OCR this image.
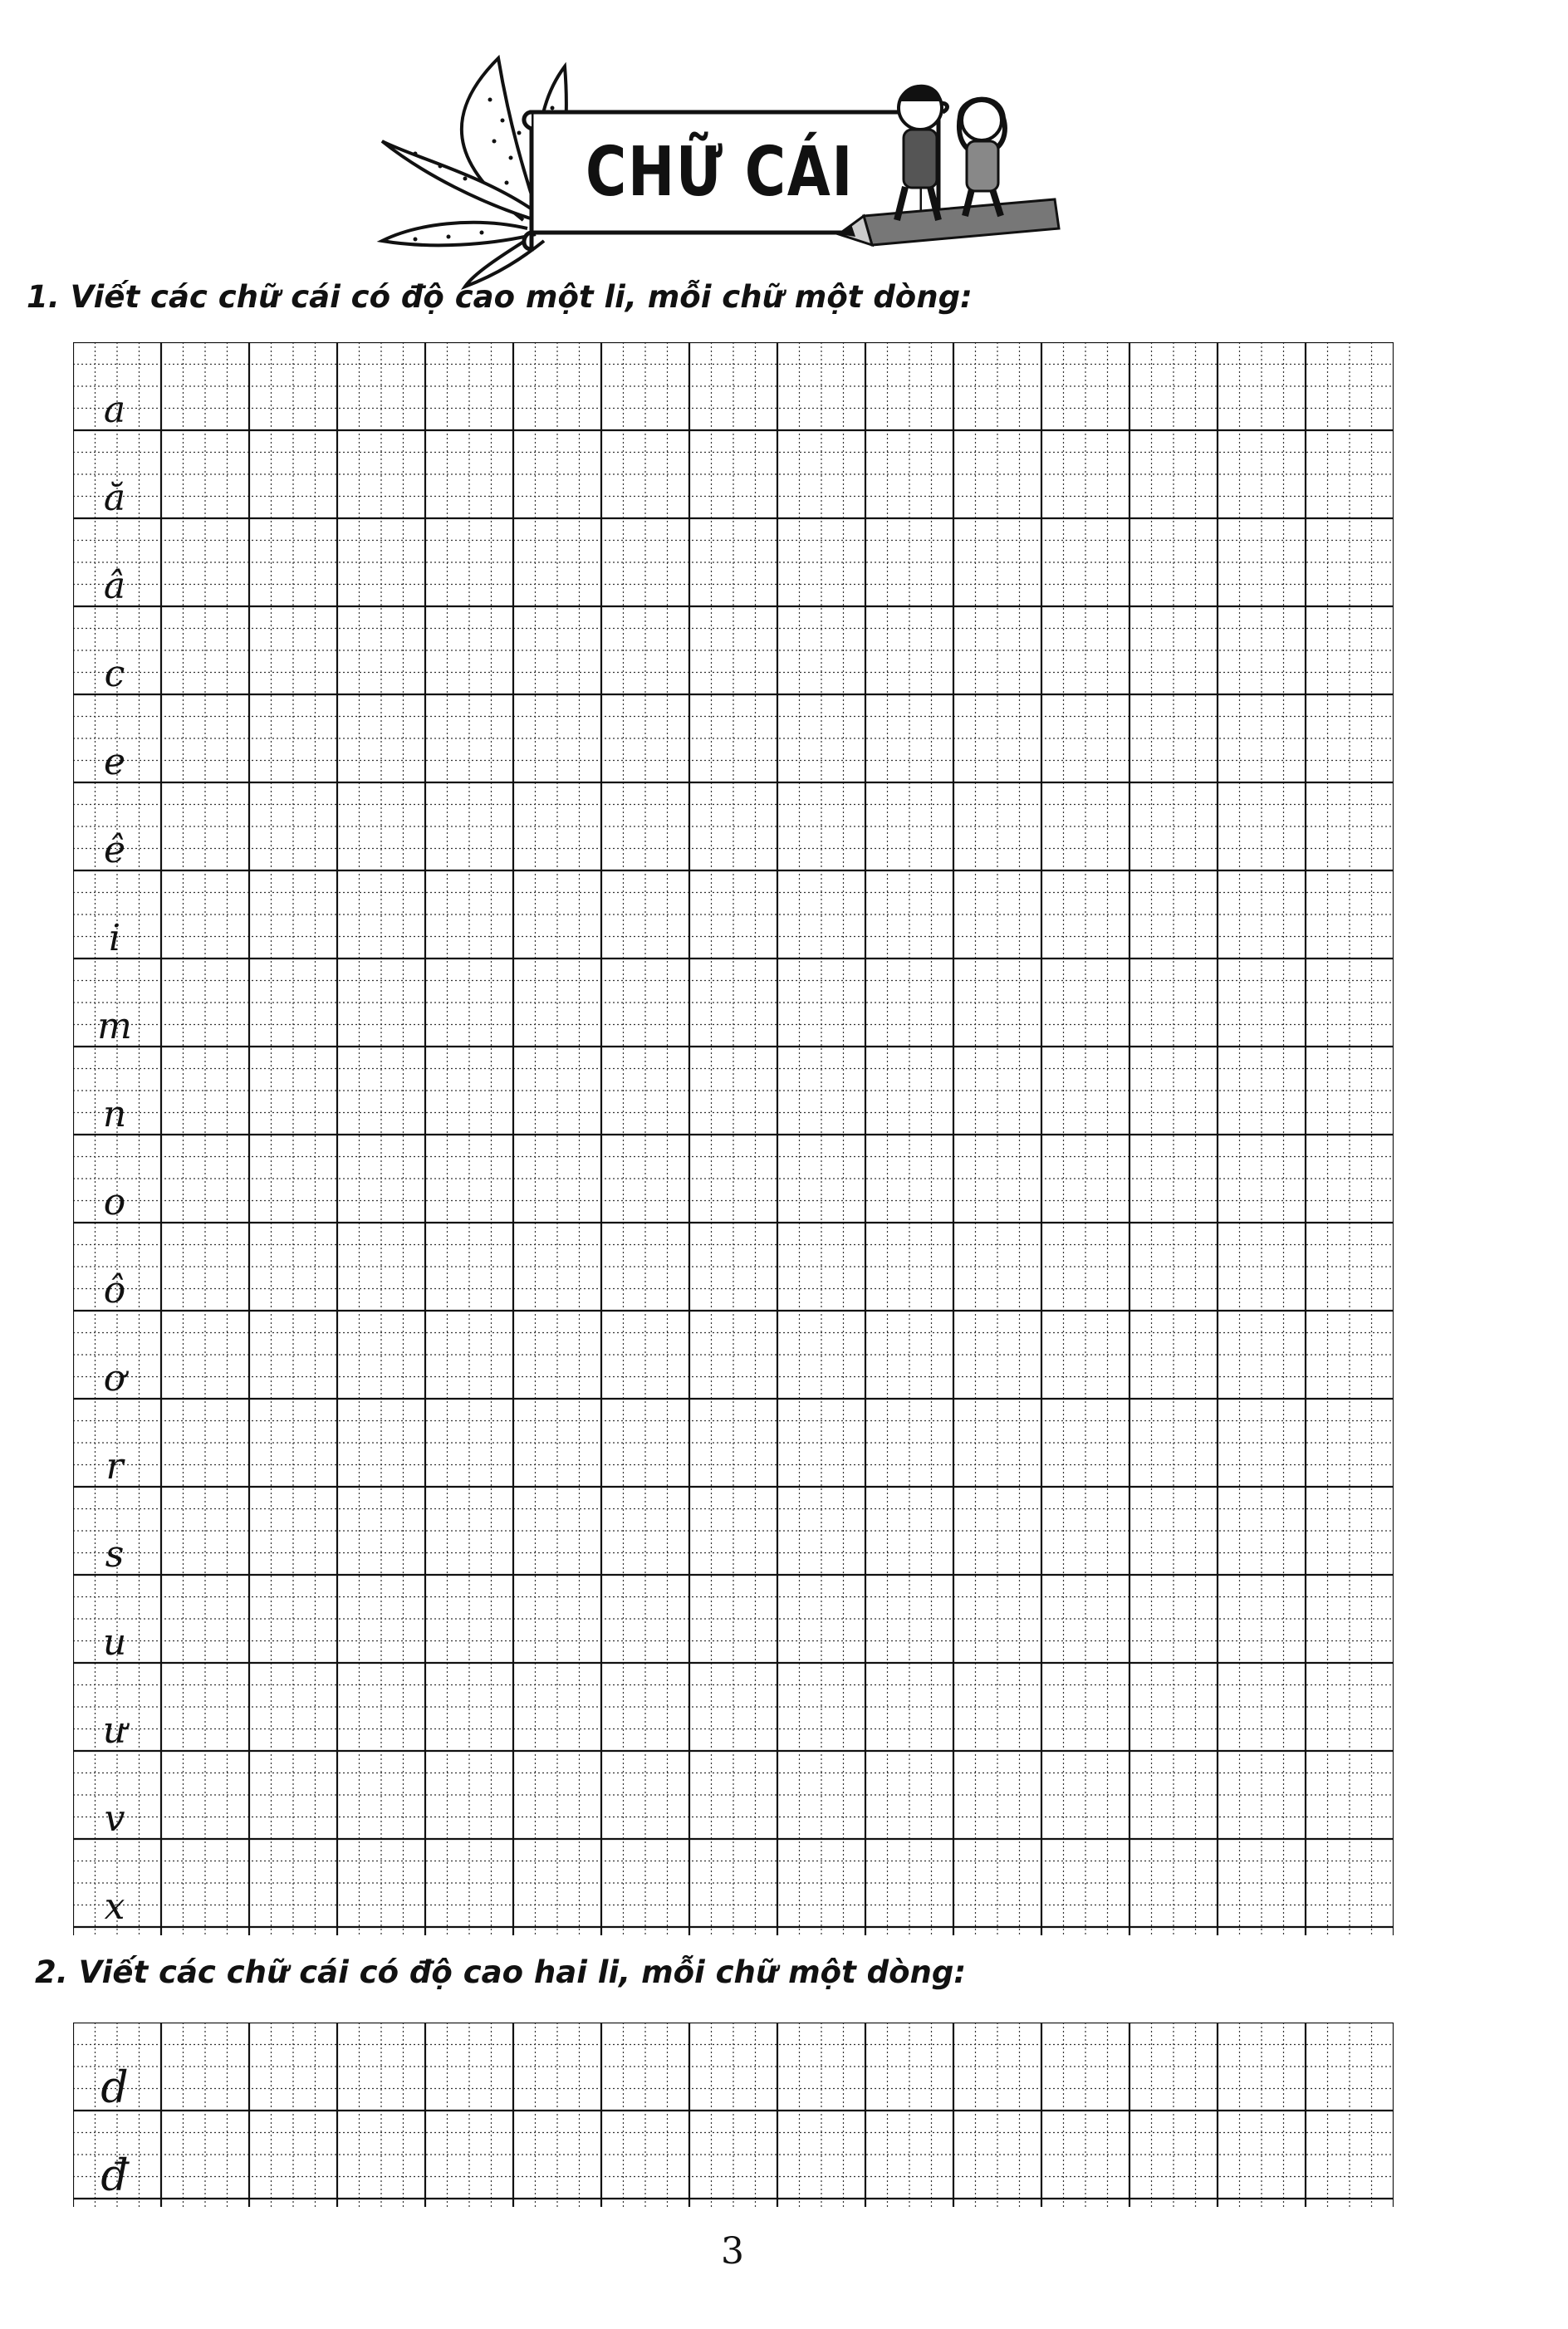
CHỮ CÁI
1. Viết các chữ cái có độ cao một li, mỗi chữ một dòng:
a
ă
â
c
e
ê
i
m
n
o
ô
ơ
r
s
u
ư
v
x
2. Viết các chữ cái có độ cao hai li, mỗi chữ một dòng:
d
đ
3
